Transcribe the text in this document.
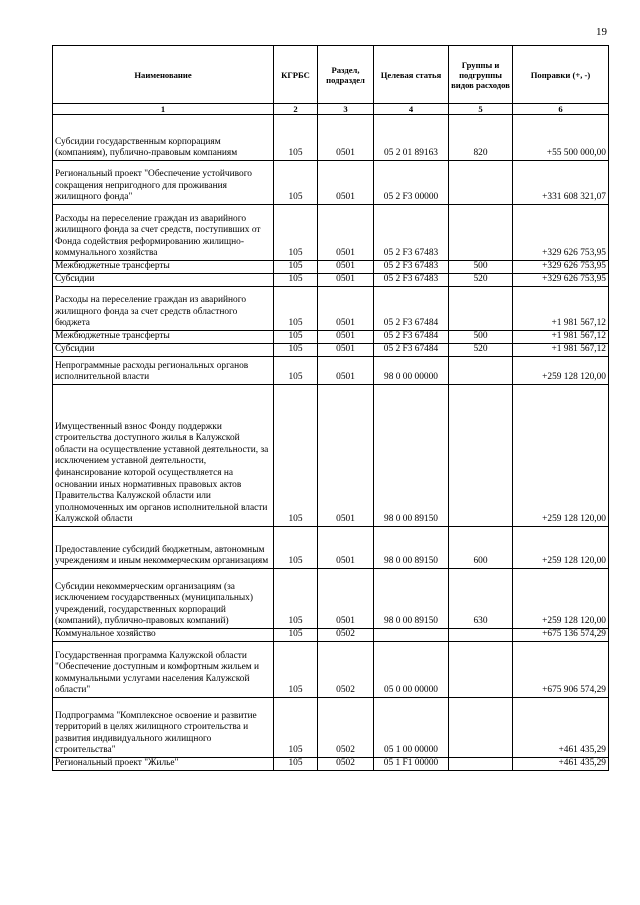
19
Наименование	КГРБС	Раздел, подраздел	Целевая статья	Группы и подгруппы видов расходов	Поправки (+, -)
1	2	3	4	5	6
Субсидии государственным корпорациям (компаниям), публично-правовым компаниям	105	0501	05 2 01 89163	820	+55 500 000,00
Региональный проект "Обеспечение устойчивого сокращения непригодного для проживания жилищного фонда"	105	0501	05 2 F3 00000		+331 608 321,07
Расходы на переселение граждан из аварийного жилищного фонда за счет средств, поступивших от Фонда содействия реформированию жилищно-коммунального хозяйства	105	0501	05 2 F3 67483		+329 626 753,95
Межбюджетные трансферты	105	0501	05 2 F3 67483	500	+329 626 753,95
Субсидии	105	0501	05 2 F3 67483	520	+329 626 753,95
Расходы на переселение граждан из аварийного жилищного фонда за счет средств областного бюджета	105	0501	05 2 F3 67484		+1 981 567,12
Межбюджетные трансферты	105	0501	05 2 F3 67484	500	+1 981 567,12
Субсидии	105	0501	05 2 F3 67484	520	+1 981 567,12
Непрограммные расходы региональных органов исполнительной власти	105	0501	98 0 00 00000		+259 128 120,00
Имущественный взнос Фонду поддержки строительства доступного жилья в Калужской области на осуществление уставной деятельности, за исключением уставной деятельности, финансирование которой осуществляется на основании иных нормативных правовых актов Правительства Калужской области или уполномоченных им органов исполнительной власти Калужской области	105	0501	98 0 00 89150		+259 128 120,00
Предоставление субсидий бюджетным, автономным учреждениям и иным некоммерческим организациям	105	0501	98 0 00 89150	600	+259 128 120,00
Субсидии некоммерческим организациям (за исключением государственных (муниципальных) учреждений, государственных корпораций (компаний), публично-правовых компаний)	105	0501	98 0 00 89150	630	+259 128 120,00
Коммунальное хозяйство	105	0502			+675 136 574,29
Государственная программа Калужской области "Обеспечение доступным и комфортным жильем и коммунальными услугами населения Калужской области"	105	0502	05 0 00 00000		+675 906 574,29
Подпрограмма "Комплексное освоение и развитие территорий в целях жилищного строительства и развития индивидуального жилищного строительства"	105	0502	05 1 00 00000		+461 435,29
Региональный проект "Жилье"	105	0502	05 1 F1 00000		+461 435,29
